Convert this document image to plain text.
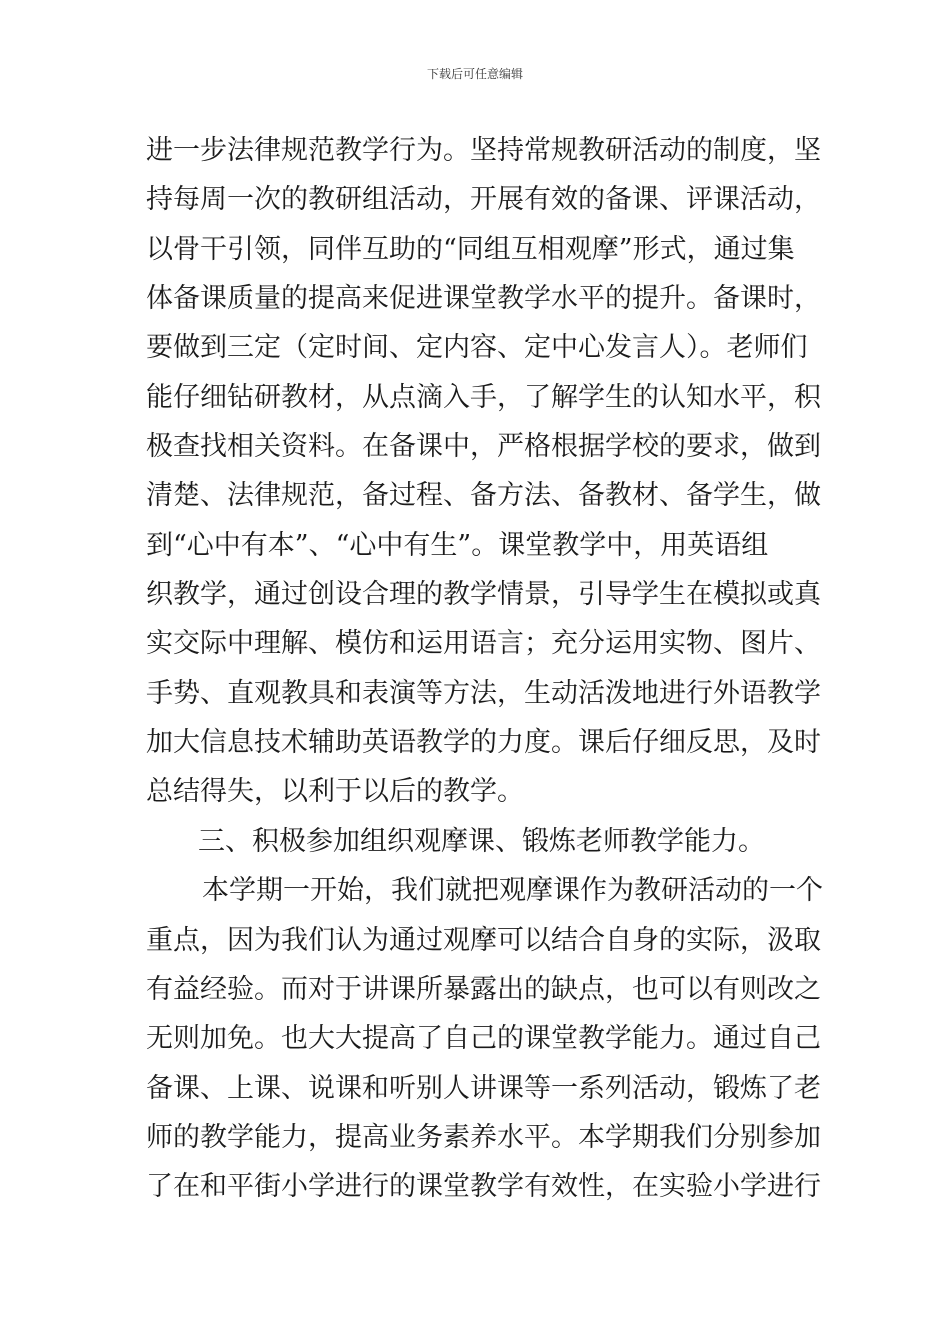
下载后可任意编辑
进一步法律规范教学行为。坚持常规教研活动的制度，坚
持每周一次的教研组活动，开展有效的备课、评课活动，
以骨干引领，同伴互助的“同组互相观摩”形式，通过集
体备课质量的提高来促进课堂教学水平的提升。备课时，
要做到三定（定时间、定内容、定中心发言人）。老师们
能仔细钻研教材，从点滴入手，了解学生的认知水平，积
极查找相关资料。在备课中，严格根据学校的要求，做到
清楚、法律规范，备过程、备方法、备教材、备学生，做
到“心中有本”、“心中有生”。课堂教学中，用英语组
织教学，通过创设合理的教学情景，引导学生在模拟或真
实交际中理解、模仿和运用语言；充分运用实物、图片、
手势、直观教具和表演等方法，生动活泼地进行外语教学
加大信息技术辅助英语教学的力度。课后仔细反思，及时
总结得失，以利于以后的教学。
三、积极参加组织观摩课、锻炼老师教学能力。
本学期一开始，我们就把观摩课作为教研活动的一个
重点，因为我们认为通过观摩可以结合自身的实际，汲取
有益经验。而对于讲课所暴露出的缺点，也可以有则改之
无则加免。也大大提高了自己的课堂教学能力。通过自己
备课、上课、说课和听别人讲课等一系列活动，锻炼了老
师的教学能力，提高业务素养水平。本学期我们分别参加
了在和平街小学进行的课堂教学有效性，在实验小学进行
